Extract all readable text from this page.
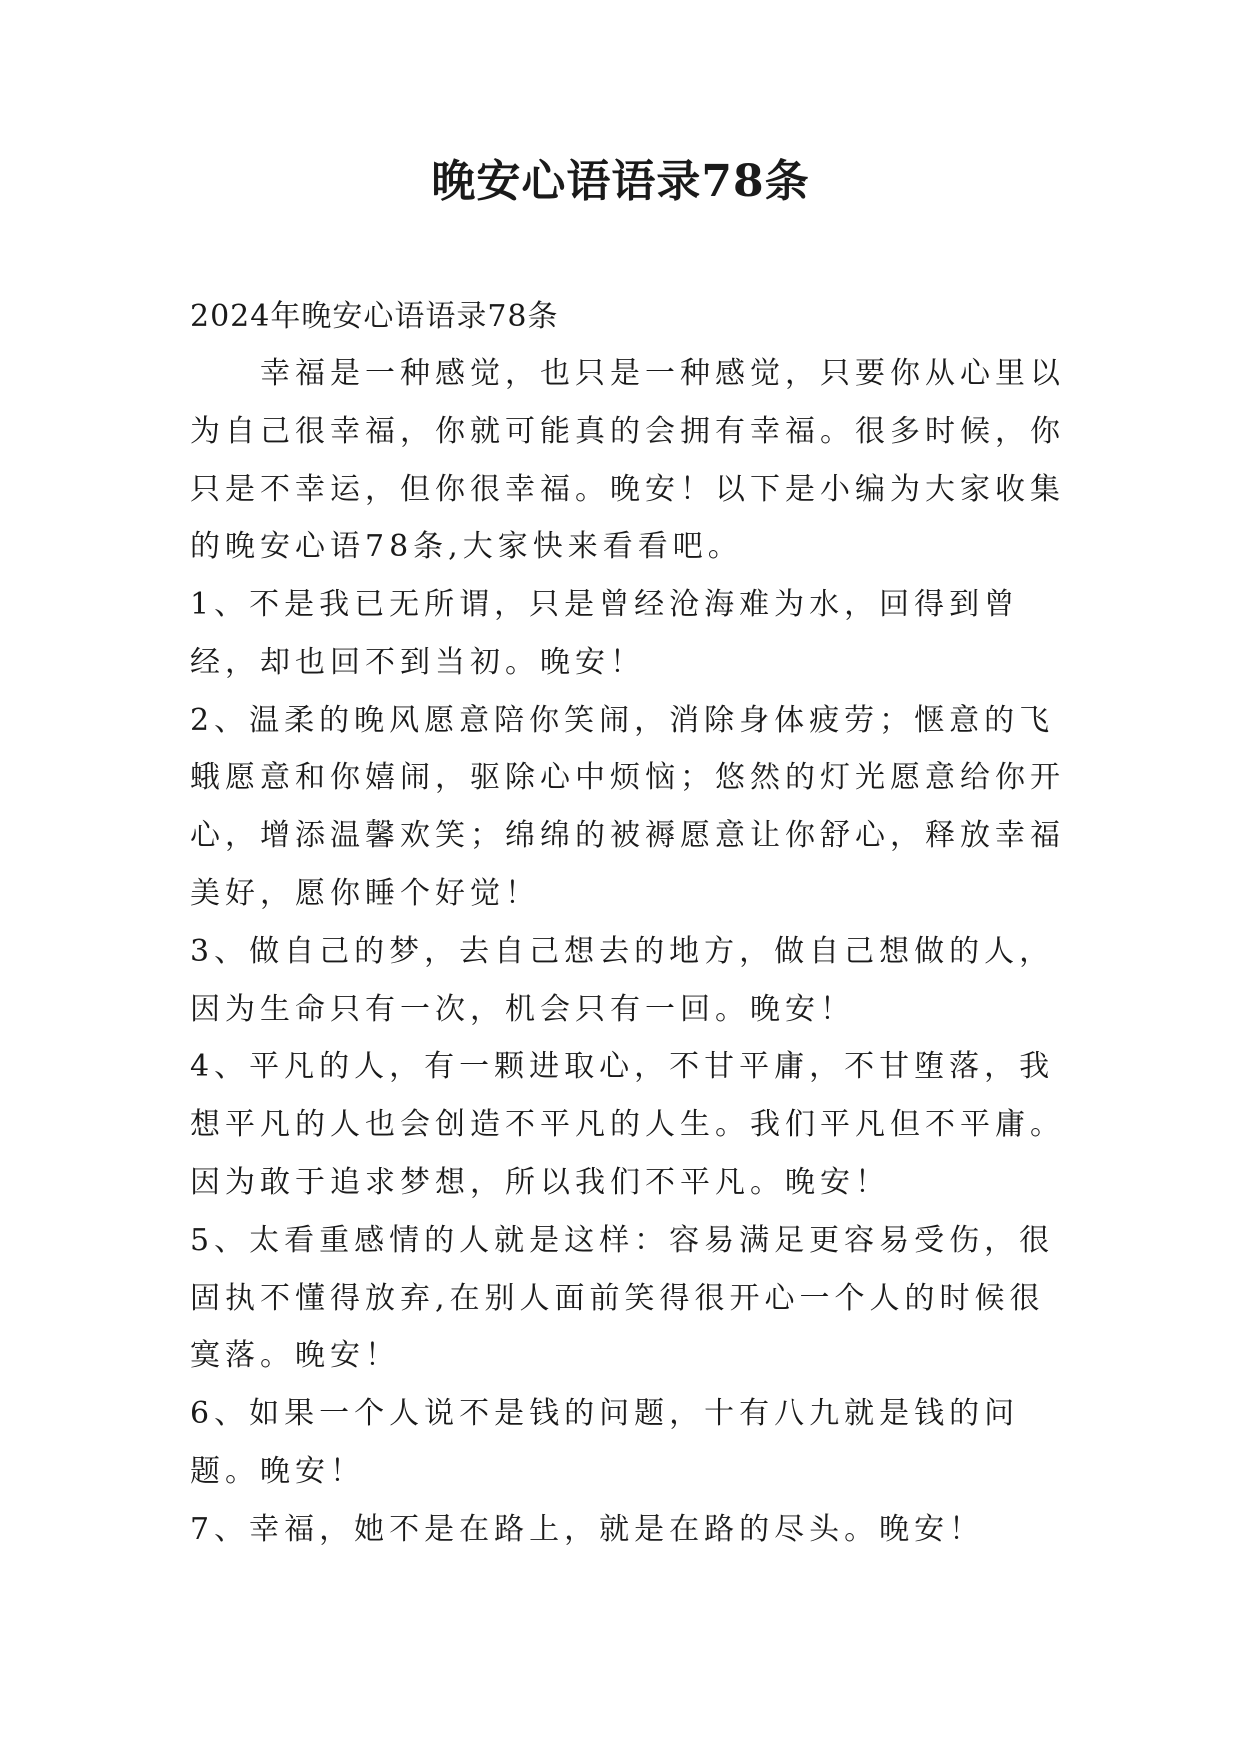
晚安心语语录78条
2024年晚安心语语录78条
幸福是一种感觉，也只是一种感觉，只要你从心里以为自己很幸福，你就可能真的会拥有幸福。很多时候，你只是不幸运，但你很幸福。晚安！以下是小编为大家收集的晚安心语78条,大家快来看看吧。

1、不是我已无所谓，只是曾经沧海难为水，回得到曾经，却也回不到当初。晚安！

2、温柔的晚风愿意陪你笑闹，消除身体疲劳；惬意的飞蛾愿意和你嬉闹，驱除心中烦恼；悠然的灯光愿意给你开心，增添温馨欢笑；绵绵的被褥愿意让你舒心，释放幸福美好，愿你睡个好觉！

3、做自己的梦，去自己想去的地方，做自己想做的人，因为生命只有一次，机会只有一回。晚安！

4、平凡的人，有一颗进取心，不甘平庸，不甘堕落，我想平凡的人也会创造不平凡的人生。我们平凡但不平庸。因为敢于追求梦想，所以我们不平凡。晚安！

5、太看重感情的人就是这样：容易满足更容易受伤，很固执不懂得放弃,在别人面前笑得很开心一个人的时候很寞落。晚安！

6、如果一个人说不是钱的问题，十有八九就是钱的问题。晚安！

7、幸福，她不是在路上，就是在路的尽头。晚安！
